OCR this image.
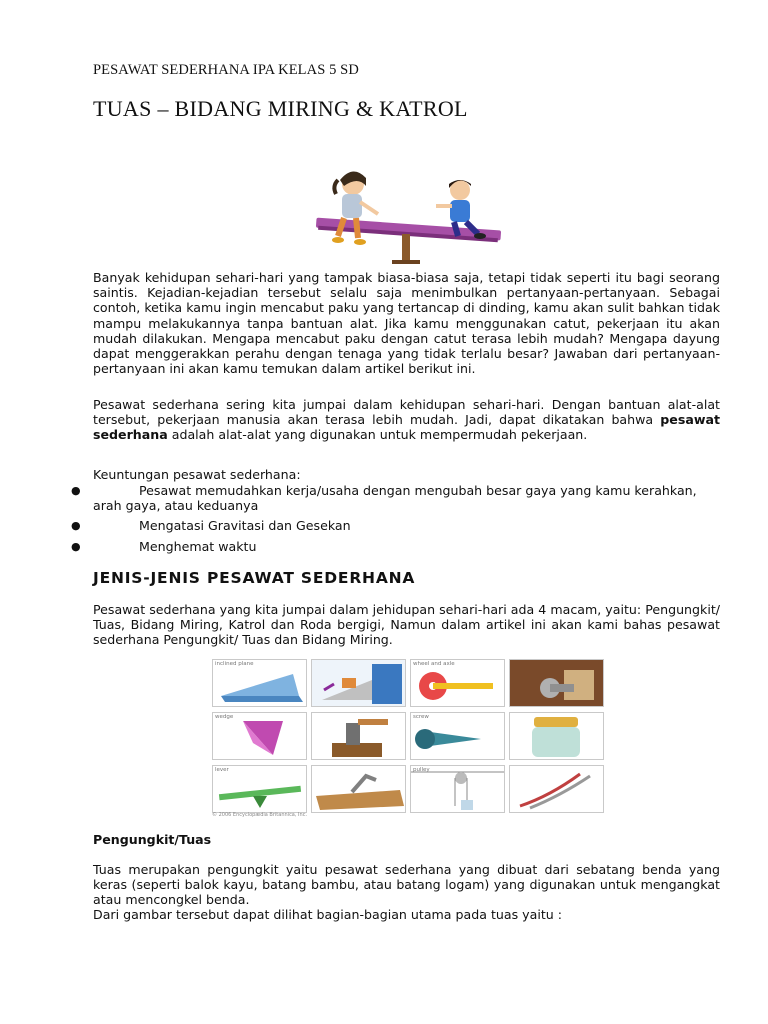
PESAWAT SEDERHANA IPA KELAS 5 SD
TUAS – BIDANG MIRING & KATROL

Banyak kehidupan sehari-hari yang tampak biasa-biasa saja, tetapi tidak seperti itu bagi seorang saintis. Kejadian-kejadian tersebut selalu saja menimbulkan pertanyaan-pertanyaan. Sebagai contoh, ketika kamu ingin mencabut paku yang tertancap di dinding, kamu akan sulit bahkan tidak mampu melakukannya tanpa bantuan alat. Jika kamu menggunakan catut, pekerjaan itu akan mudah dilakukan. Mengapa mencabut paku dengan catut terasa lebih mudah? Mengapa dayung dapat menggerakkan perahu dengan tenaga yang tidak terlalu besar? Jawaban dari pertanyaan-pertanyaan ini akan kamu temukan dalam artikel berikut ini.

Pesawat sederhana sering kita jumpai dalam kehidupan sehari-hari. Dengan bantuan alat-alat tersebut, pekerjaan manusia akan terasa lebih mudah. Jadi, dapat dikatakan bahwa pesawat sederhana adalah alat-alat yang digunakan untuk mempermudah pekerjaan.

Keuntungan pesawat sederhana:

●	Pesawat memudahkan kerja/usaha dengan mengubah besar gaya yang kamu kerahkan, arah gaya, atau keduanya
●	Mengatasi Gravitasi dan Gesekan
●	Menghemat waktu
JENIS-JENIS PESAWAT SEDERHANA

Pesawat sederhana yang kita jumpai dalam jehidupan sehari-hari ada 4 macam, yaitu: Pengungkit/ Tuas, Bidang Miring, Katrol dan Roda bergigi, Namun dalam artikel ini akan kami bahas pesawat sederhana Pengungkit/ Tuas dan Bidang Miring.

inclined plane	wheel and axle
wedge	screw
lever	pulley
© 2006 Encyclopædia Britannica, Inc.

Pengungkit/Tuas

Tuas merupakan pengungkit yaitu pesawat sederhana yang dibuat dari sebatang benda yang keras (seperti balok kayu, batang bambu, atau batang logam) yang digunakan untuk mengangkat atau mencongkel benda.

Dari gambar tersebut dapat dilihat bagian-bagian utama pada tuas yaitu :
